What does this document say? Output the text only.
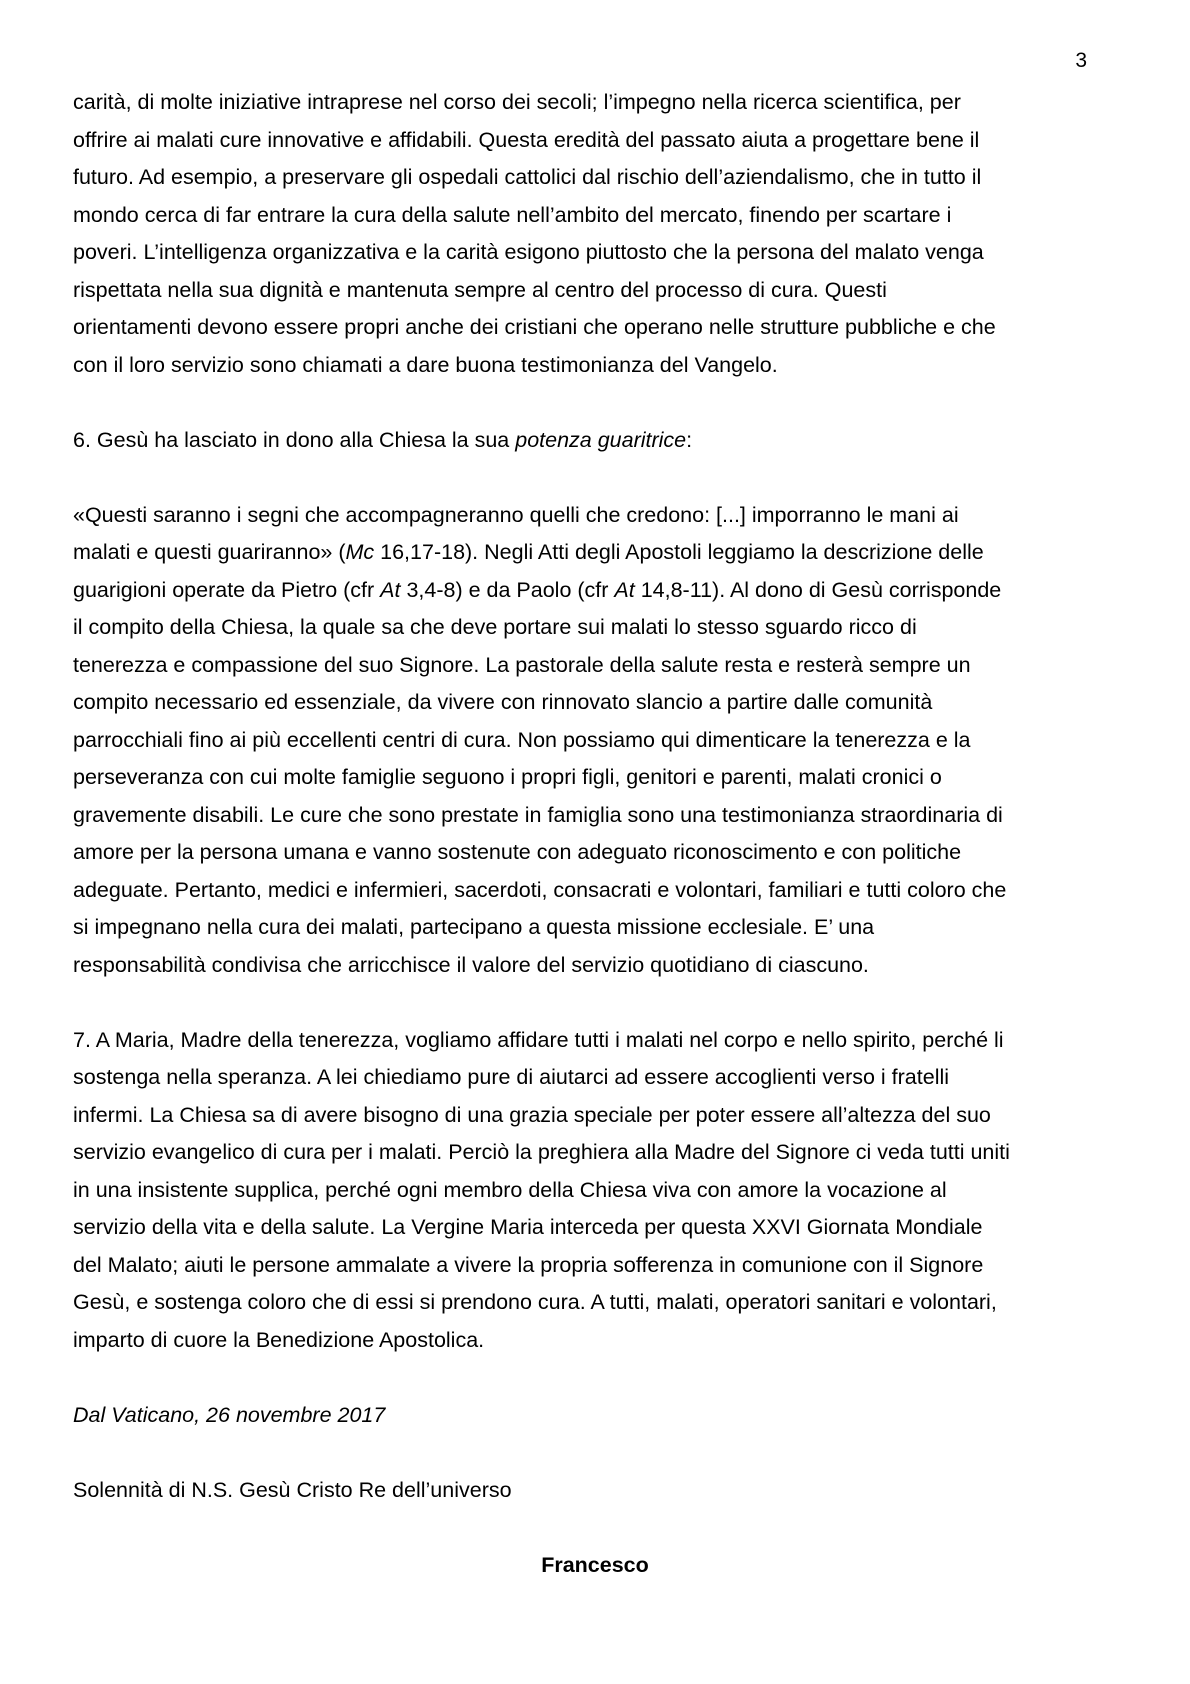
3

carità, di molte iniziative intraprese nel corso dei secoli; l’impegno nella ricerca scientifica, per

offrire ai malati cure innovative e affidabili. Questa eredità del passato aiuta a progettare bene il

futuro. Ad esempio, a preservare gli ospedali cattolici dal rischio dell’aziendalismo, che in tutto il

mondo cerca di far entrare la cura della salute nell’ambito del mercato, finendo per scartare i

poveri. L’intelligenza organizzativa e la carità esigono piuttosto che la persona del malato venga

rispettata nella sua dignità e mantenuta sempre al centro del processo di cura. Questi

orientamenti devono essere propri anche dei cristiani che operano nelle strutture pubbliche e che

con il loro servizio sono chiamati a dare buona testimonianza del Vangelo.

6. Gesù ha lasciato in dono alla Chiesa la sua potenza guaritrice:

«Questi saranno i segni che accompagneranno quelli che credono: [...] imporranno le mani ai

malati e questi guariranno» (Mc 16,17-18). Negli Atti degli Apostoli leggiamo la descrizione delle

guarigioni operate da Pietro (cfr At 3,4-8) e da Paolo (cfr At 14,8-11). Al dono di Gesù corrisponde

il compito della Chiesa, la quale sa che deve portare sui malati lo stesso sguardo ricco di

tenerezza e compassione del suo Signore. La pastorale della salute resta e resterà sempre un

compito necessario ed essenziale, da vivere con rinnovato slancio a partire dalle comunità

parrocchiali fino ai più eccellenti centri di cura. Non possiamo qui dimenticare la tenerezza e la

perseveranza con cui molte famiglie seguono i propri figli, genitori e parenti, malati cronici o

gravemente disabili. Le cure che sono prestate in famiglia sono una testimonianza straordinaria di

amore per la persona umana e vanno sostenute con adeguato riconoscimento e con politiche

adeguate. Pertanto, medici e infermieri, sacerdoti, consacrati e volontari, familiari e tutti coloro che

si impegnano nella cura dei malati, partecipano a questa missione ecclesiale. E’ una

responsabilità condivisa che arricchisce il valore del servizio quotidiano di ciascuno.

7. A Maria, Madre della tenerezza, vogliamo affidare tutti i malati nel corpo e nello spirito, perché li

sostenga nella speranza. A lei chiediamo pure di aiutarci ad essere accoglienti verso i fratelli

infermi. La Chiesa sa di avere bisogno di una grazia speciale per poter essere all’altezza del suo

servizio evangelico di cura per i malati. Perciò la preghiera alla Madre del Signore ci veda tutti uniti

in una insistente supplica, perché ogni membro della Chiesa viva con amore la vocazione al

servizio della vita e della salute. La Vergine Maria interceda per questa XXVI Giornata Mondiale

del Malato; aiuti le persone ammalate a vivere la propria sofferenza in comunione con il Signore

Gesù, e sostenga coloro che di essi si prendono cura. A tutti, malati, operatori sanitari e volontari,

imparto di cuore la Benedizione Apostolica.

Dal Vaticano, 26 novembre 2017

Solennità di N.S. Gesù Cristo Re dell’universo

Francesco
